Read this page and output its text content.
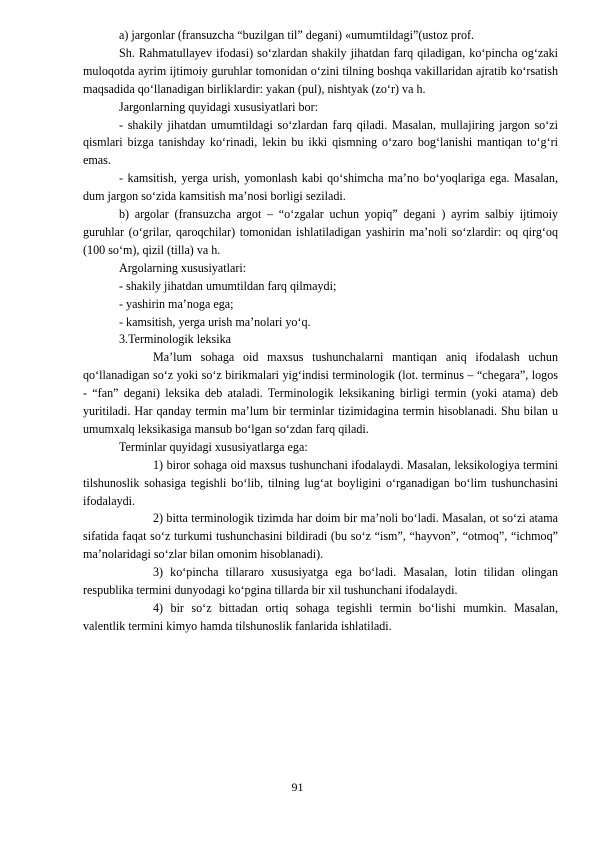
a) jargonlar (fransuzcha “buzilgan til” degani) «umumtildagi”(ustoz prof.

Sh. Rahmatullayev ifodasi) so‘zlardan shakily jihatdan farq qiladigan, ko‘pincha og‘zaki muloqotda ayrim ijtimoiy guruhlar tomonidan o‘zini tilning boshqa vakillaridan ajratib ko‘rsatish maqsadida qo‘llanadigan birliklardir: yakan (pul), nishtyak (zo‘r) va h.

Jargonlarning quyidagi xususiyatlari bor:

- shakily jihatdan umumtildagi so‘zlardan farq qiladi. Masalan, mullajiring jargon so‘zi qismlari bizga tanishday ko‘rinadi, lekin bu ikki qismning o‘zaro bog‘lanishi mantiqan to‘g‘ri emas.

- kamsitish, yerga urish, yomonlash kabi qo‘shimcha ma’no bo‘yoqlariga ega. Masalan, dum jargon so‘zida kamsitish ma’nosi borligi seziladi.

b) argolar (fransuzcha argot – “o‘zgalar uchun yopiq” degani ) ayrim salbiy ijtimoiy guruhlar (o‘grilar, qaroqchilar) tomonidan ishlatiladigan yashirin ma’noli so‘zlardir: oq qirg‘oq (100 so‘m), qizil (tilla) va h.

Argolarning xususiyatlari:

- shakily jihatdan umumtildan farq qilmaydi;

- yashirin ma’noga ega;

- kamsitish, yerga urish ma’nolari yo‘q.

3.Terminologik leksika

Ma’lum sohaga oid maxsus tushunchalarni mantiqan aniq ifodalash uchun qo‘llanadigan so‘z yoki so‘z birikmalari yig‘indisi terminologik (lot. terminus – “chegara”, logos - “fan” degani) leksika deb ataladi. Terminologik leksikaning birligi termin (yoki atama) deb yuritiladi. Har qanday termin ma’lum bir terminlar tizimidagina termin hisoblanadi. Shu bilan u umumxalq leksikasiga mansub bo‘lgan so‘zdan farq qiladi.

Terminlar quyidagi xususiyatlarga ega:

1) biror sohaga oid maxsus tushunchani ifodalaydi. Masalan, leksikologiya termini tilshunoslik sohasiga tegishli bo‘lib, tilning lug‘at boyligini o‘rganadigan bo‘lim tushunchasini ifodalaydi.

2) bitta terminologik tizimda har doim bir ma’noli bo‘ladi. Masalan, ot so‘zi atama sifatida faqat so‘z turkumi tushunchasini bildiradi (bu so‘z “ism”, “hayvon”, “otmoq”, “ichmoq” ma’nolaridagi so‘zlar bilan omonim hisoblanadi).

3) ko‘pincha tillararo xususiyatga ega bo‘ladi. Masalan, lotin tilidan olingan respublika termini dunyodagi ko‘pgina tillarda bir xil tushunchani ifodalaydi.

4) bir so‘z bittadan ortiq sohaga tegishli termin bo‘lishi mumkin. Masalan, valentlik termini kimyo hamda tilshunoslik fanlarida ishlatiladi.

91
